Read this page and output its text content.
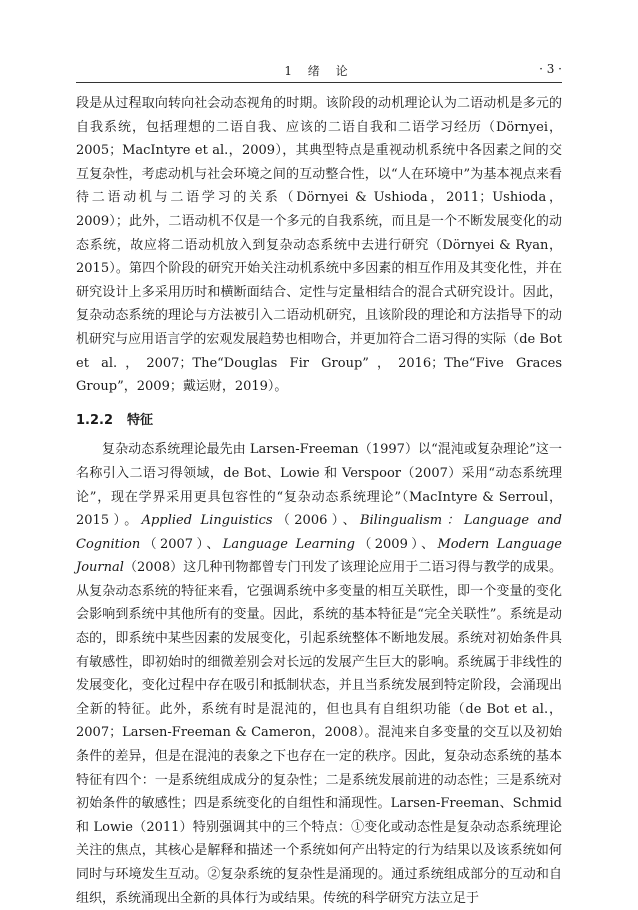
1 绪 论	· 3 ·

段是从过程取向转向社会动态视角的时期。该阶段的动机理论认为二语动机是多元的自我系统，包括理想的二语自我、应该的二语自我和二语学习经历（Dörnyei，2005；MacIntyre et al.，2009），其典型特点是重视动机系统中各因素之间的交互复杂性，考虑动机与社会环境之间的互动整合性，以“人在环境中”为基本视点来看待二语动机与二语学习的关系（Dörnyei & Ushioda，2011；Ushioda，2009）；此外，二语动机不仅是一个多元的自我系统，而且是一个不断发展变化的动态系统，故应将二语动机放入到复杂动态系统中去进行研究（Dörnyei & Ryan，2015）。第四个阶段的研究开始关注动机系统中多因素的相互作用及其变化性，并在研究设计上多采用历时和横断面结合、定性与定量相结合的混合式研究设计。因此，复杂动态系统的理论与方法被引入二语动机研究，且该阶段的理论和方法指导下的动机研究与应用语言学的宏观发展趋势也相吻合，并更加符合二语习得的实际（de Bot et al.，2007；The“Douglas Fir Group”，2016；The“Five Graces Group”，2009；戴运财，2019）。

1.2.2 特征

复杂动态系统理论最先由 Larsen-Freeman（1997）以“混沌或复杂理论”这一名称引入二语习得领域，de Bot、Lowie 和 Verspoor（2007）采用“动态系统理论”，现在学界采用更具包容性的“复杂动态系统理论”（MacIntyre & Serroul，2015）。Applied Linguistics（2006）、Bilingualism：Language and Cognition（2007）、Language Learning（2009）、Modern Language Journal（2008）这几种刊物都曾专门刊发了该理论应用于二语习得与教学的成果。从复杂动态系统的特征来看，它强调系统中多变量的相互关联性，即一个变量的变化会影响到系统中其他所有的变量。因此，系统的基本特征是“完全关联性”。系统是动态的，即系统中某些因素的发展变化，引起系统整体不断地发展。系统对初始条件具有敏感性，即初始时的细微差别会对长远的发展产生巨大的影响。系统属于非线性的发展变化，变化过程中存在吸引和抵制状态，并且当系统发展到特定阶段，会涌现出全新的特征。此外，系统有时是混沌的，但也具有自组织功能（de Bot et al.，2007；Larsen-Freeman & Cameron，2008）。混沌来自多变量的交互以及初始条件的差异，但是在混沌的表象之下也存在一定的秩序。因此，复杂动态系统的基本特征有四个：一是系统组成成分的复杂性；二是系统发展前进的动态性；三是系统对初始条件的敏感性；四是系统变化的自组性和涌现性。Larsen-Freeman、Schmid 和 Lowie（2011）特别强调其中的三个特点：①变化或动态性是复杂动态系统理论关注的焦点，其核心是解释和描述一个系统如何产出特定的行为结果以及该系统如何同时与环境发生互动。②复杂系统的复杂性是涌现的。通过系统组成部分的互动和自组织，系统涌现出全新的具体行为或结果。传统的科学研究方法立足于
